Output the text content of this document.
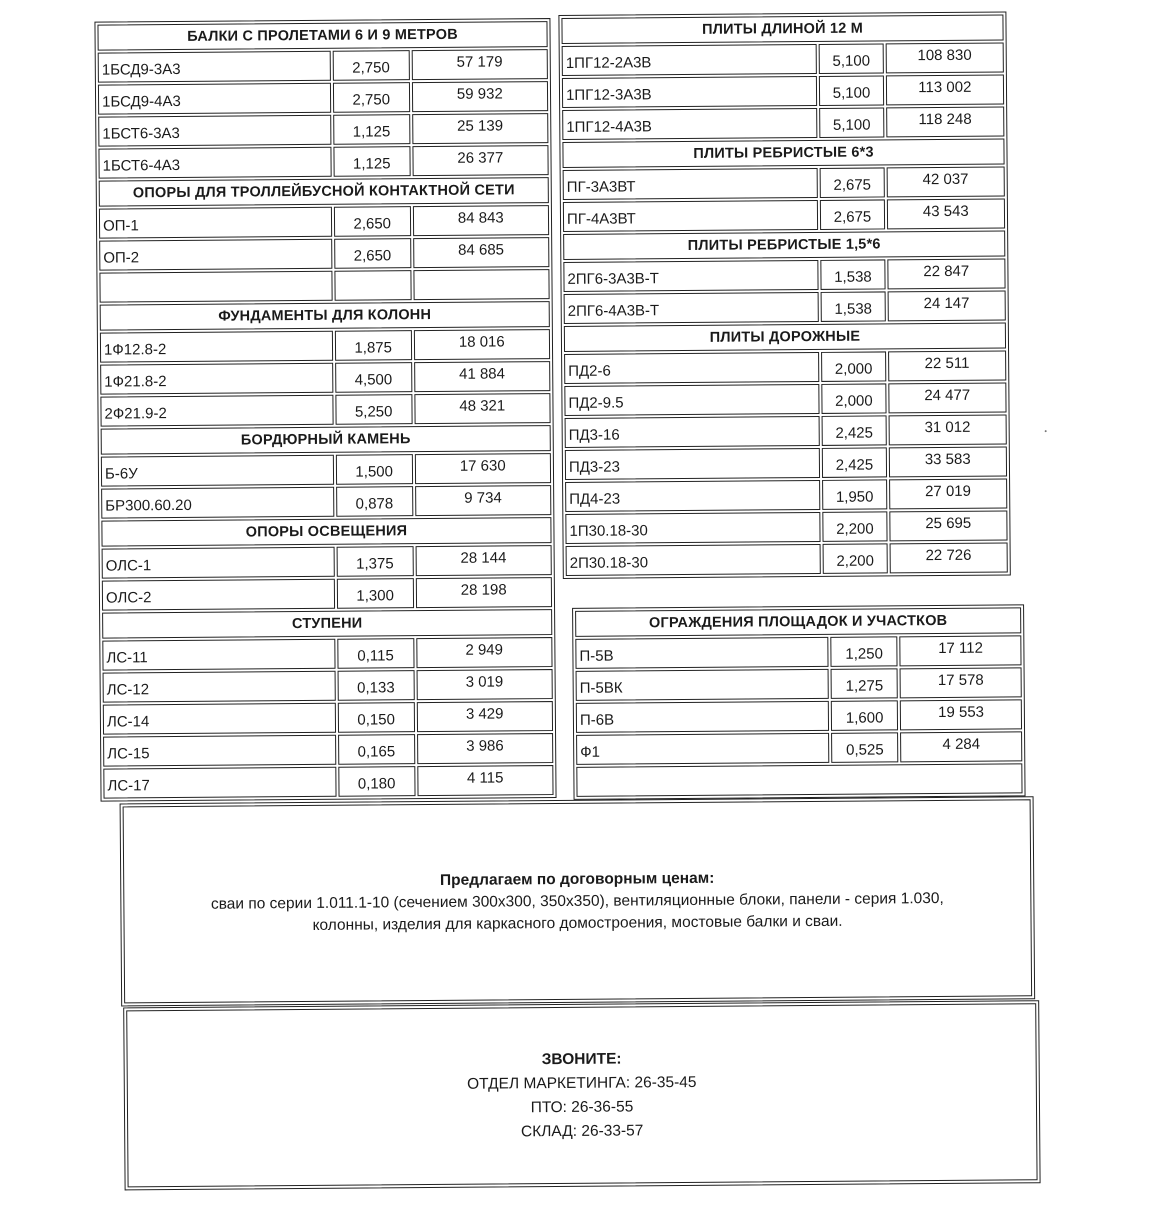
БАЛКИ С ПРОЛЕТАМИ 6 И 9 МЕТРОВ
1БСД9-3А3	2,750	57 179
1БСД9-4А3	2,750	59 932
1БСТ6-3А3	1,125	25 139
1БСТ6-4А3	1,125	26 377
ОПОРЫ ДЛЯ ТРОЛЛЕЙБУСНОЙ КОНТАКТНОЙ СЕТИ
ОП-1	2,650	84 843
ОП-2	2,650	84 685
ФУНДАМЕНТЫ ДЛЯ КОЛОНН
1Ф12.8-2	1,875	18 016
1Ф21.8-2	4,500	41 884
2Ф21.9-2	5,250	48 321
БОРДЮРНЫЙ КАМЕНЬ
Б-6У	1,500	17 630
БР300.60.20	0,878	9 734
ОПОРЫ ОСВЕЩЕНИЯ
ОЛС-1	1,375	28 144
ОЛС-2	1,300	28 198
СТУПЕНИ
ЛС-11	0,115	2 949
ЛС-12	0,133	3 019
ЛС-14	0,150	3 429
ЛС-15	0,165	3 986
ЛС-17	0,180	4 115
ПЛИТЫ ДЛИНОЙ 12 М
1ПГ12-2А3В	5,100	108 830
1ПГ12-3А3В	5,100	113 002
1ПГ12-4А3В	5,100	118 248
ПЛИТЫ РЕБРИСТЫЕ 6*3
ПГ-3А3ВТ	2,675	42 037
ПГ-4А3ВТ	2,675	43 543
ПЛИТЫ РЕБРИСТЫЕ 1,5*6
2ПГ6-3А3В-Т	1,538	22 847
2ПГ6-4А3В-Т	1,538	24 147
ПЛИТЫ ДОРОЖНЫЕ
ПД2-6	2,000	22 511
ПД2-9.5	2,000	24 477
ПД3-16	2,425	31 012
ПД3-23	2,425	33 583
ПД4-23	1,950	27 019
1П30.18-30	2,200	25 695
2П30.18-30	2,200	22 726
ОГРАЖДЕНИЯ ПЛОЩАДОК И УЧАСТКОВ
П-5В	1,250	17 112
П-5ВК	1,275	17 578
П-6В	1,600	19 553
Ф1	0,525	4 284
Предлагаем по договорным ценам:
сваи по серии 1.011.1-10 (сечением 300х300, 350х350), вентиляционные блоки, панели - серия 1.030,
колонны, изделия для каркасного домостроения, мостовые балки и сваи.
ЗВОНИТЕ:
ОТДЕЛ МАРКЕТИНГА: 26-35-45
ПТО: 26-36-55
СКЛАД: 26-33-57
